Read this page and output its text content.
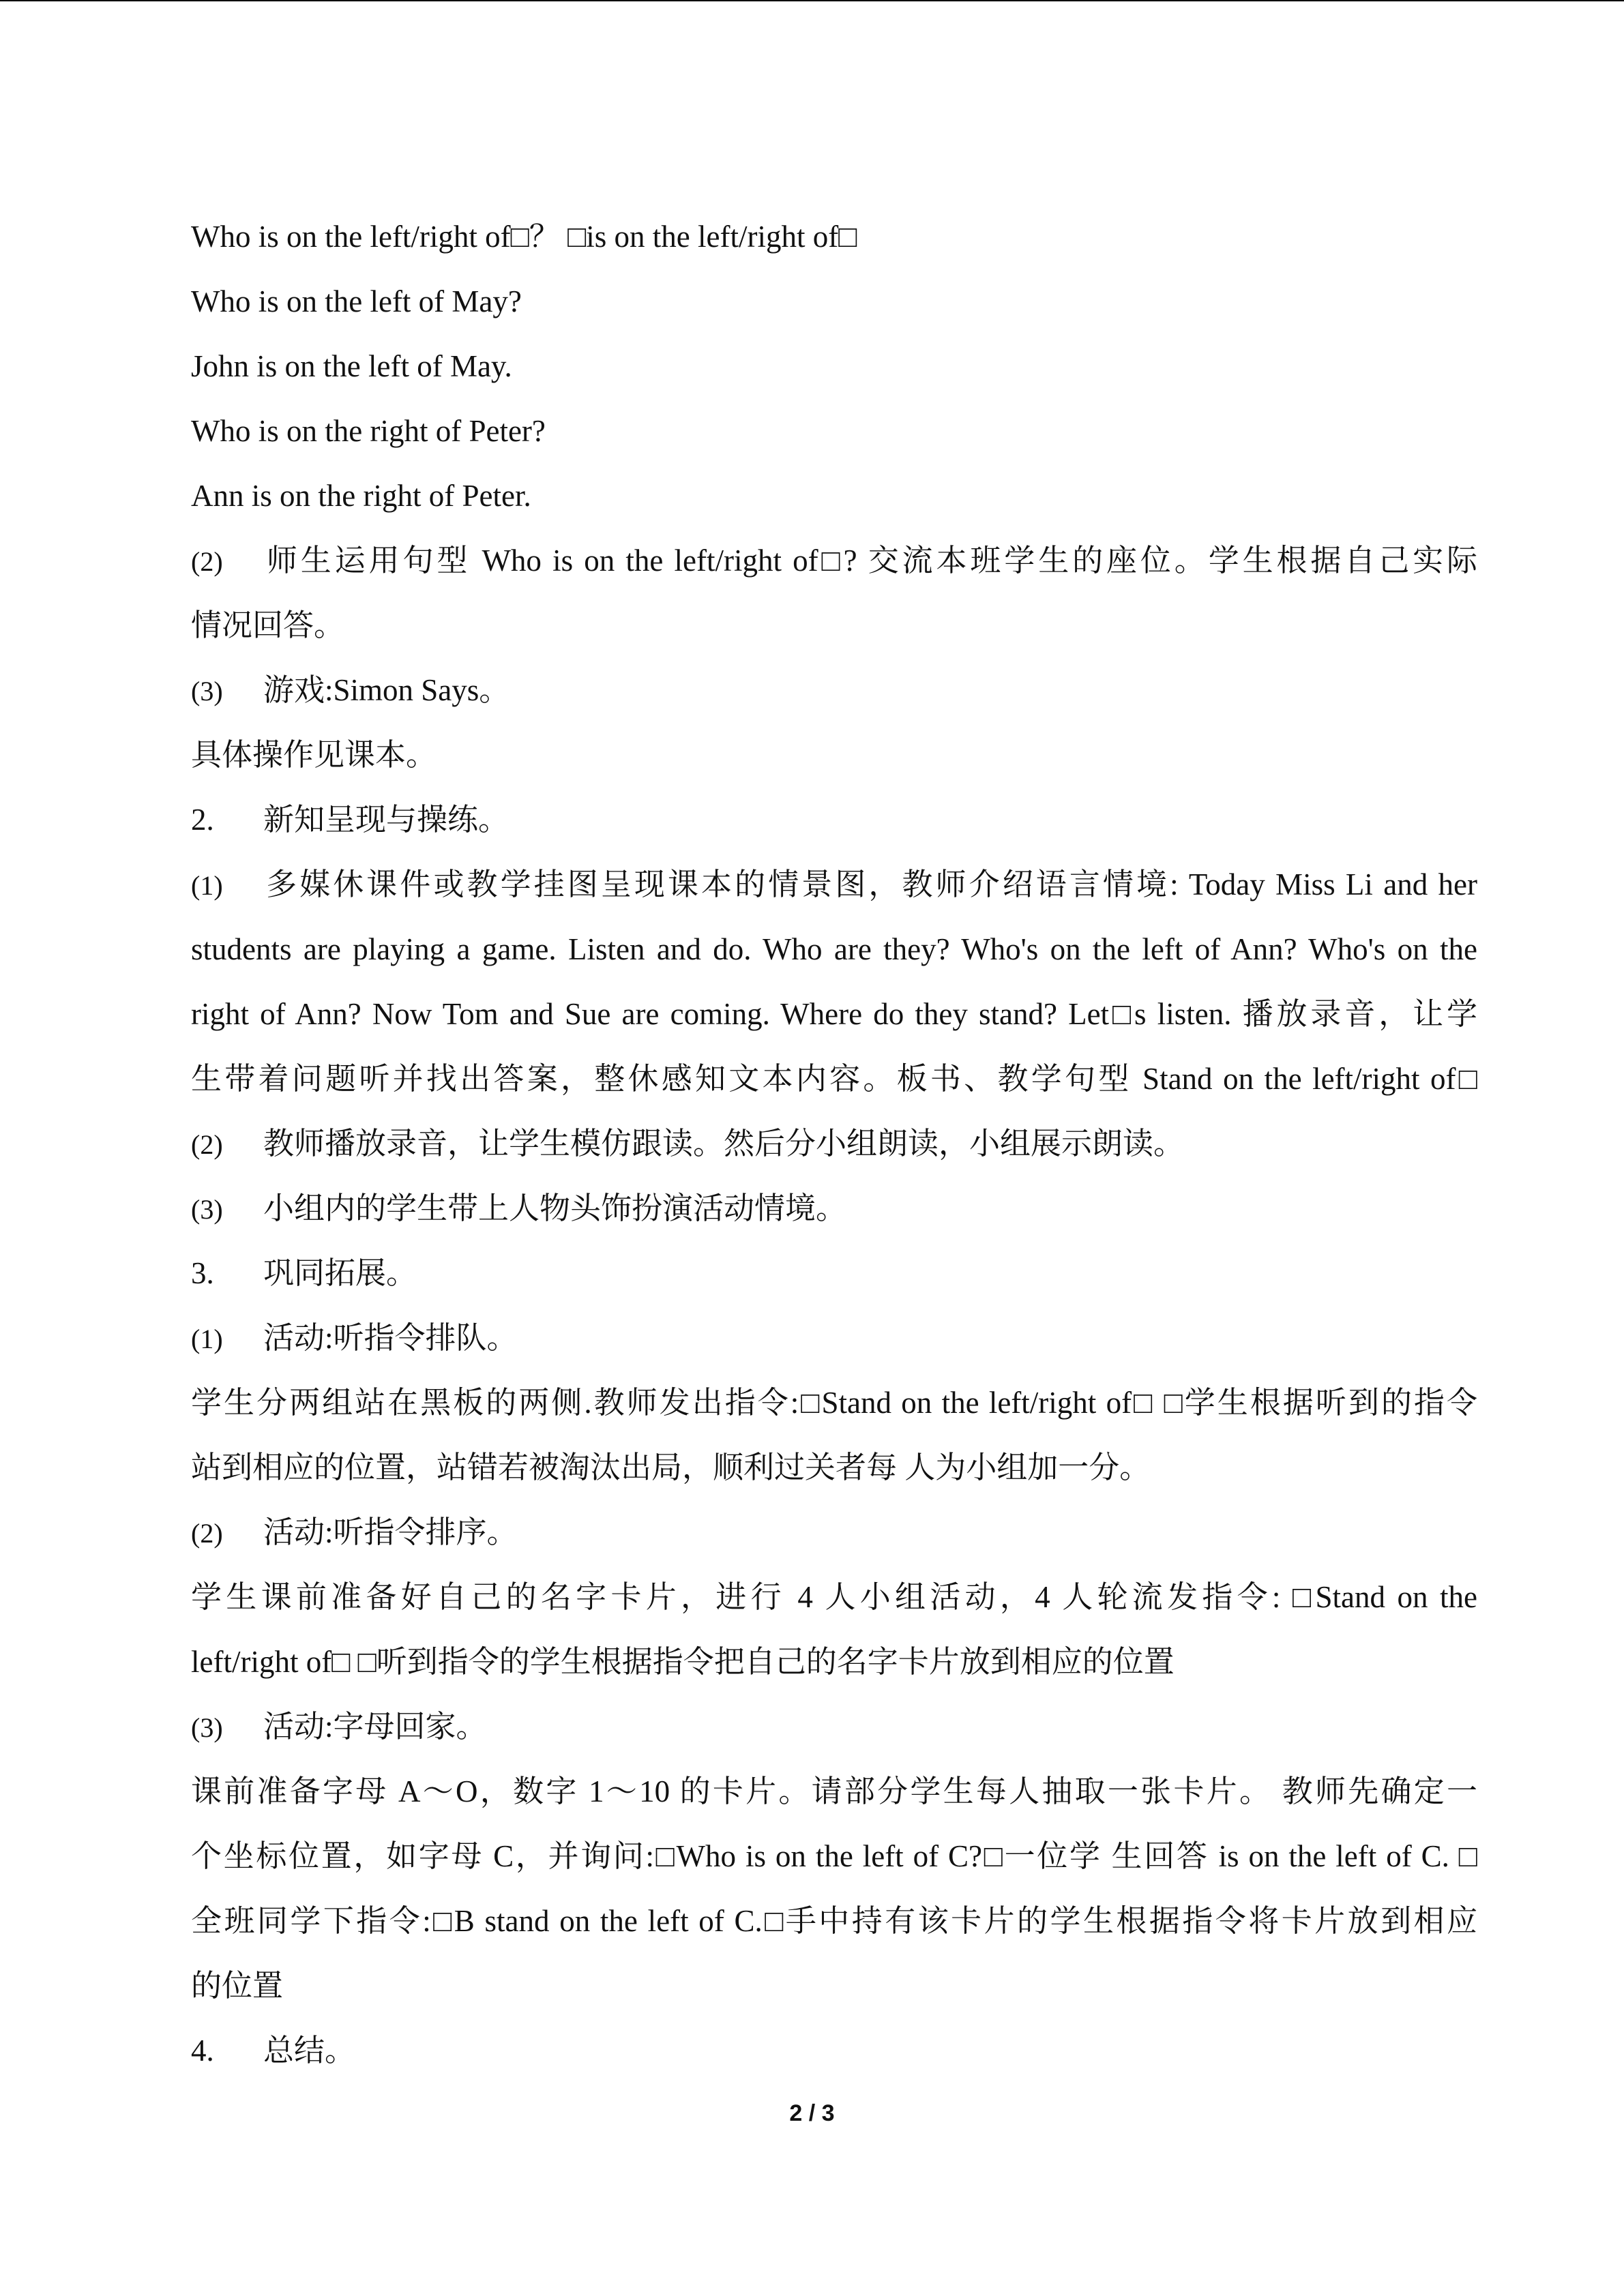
Who is on the left/right of□？ □is on the left/right of□
Who is on the left of May?
John is on the left of May.
Who is on the right of Peter?
Ann is on the right of Peter.
(2) 师生运用句型 Who is on the left/right of□? 交流本班学生的座位。学生根据自己实际
情况回答。
(3) 游戏:Simon Says。
具体操作见课本。
2. 新知呈现与操练。
(1) 多媒休课件或教学挂图呈现课本的情景图，教师介绍语言情境: Today Miss Li and her
students are playing a game. Listen and do. Who are they? Who's on the left of Ann? Who's on the
right of Ann? Now Tom and Sue are coming. Where do they stand? Let□s listen. 播放录音，让学
生带着问题听并找出答案，整休感知文本内容。板书、教学句型 Stand on the left/right of□
(2) 教师播放录音，让学生模仿跟读。然后分小组朗读，小组展示朗读。
(3) 小组内的学生带上人物头饰扮演活动情境。
3. 巩同拓展。
(1) 活动:听指令排队。
学生分两组站在黑板的两侧.教师发出指令:□Stand on the left/right of□ □学生根据听到的指令
站到相应的位置，站错若被淘汰出局，顺利过关者每 人为小组加一分。
(2) 活动:听指令排序。
学生课前准备好自己的名字卡片，进行 4 人小组活动，4 人轮流发指令: □Stand on the
left/right of□ □听到指令的学生根据指令把自己的名字卡片放到相应的位置
(3) 活动:字母回家。
课前准备字母 A～O，数字 1～10 的卡片。请部分学生每人抽取一张卡片。 教师先确定一
个坐标位置，如字母 C，并询问:□Who is on the left of C?□一位学 生回答 is on the left of C. □
全班同学下指令:□B stand on the left of C.□手中持有该卡片的学生根据指令将卡片放到相应
的位置
4. 总结。
2 / 3
